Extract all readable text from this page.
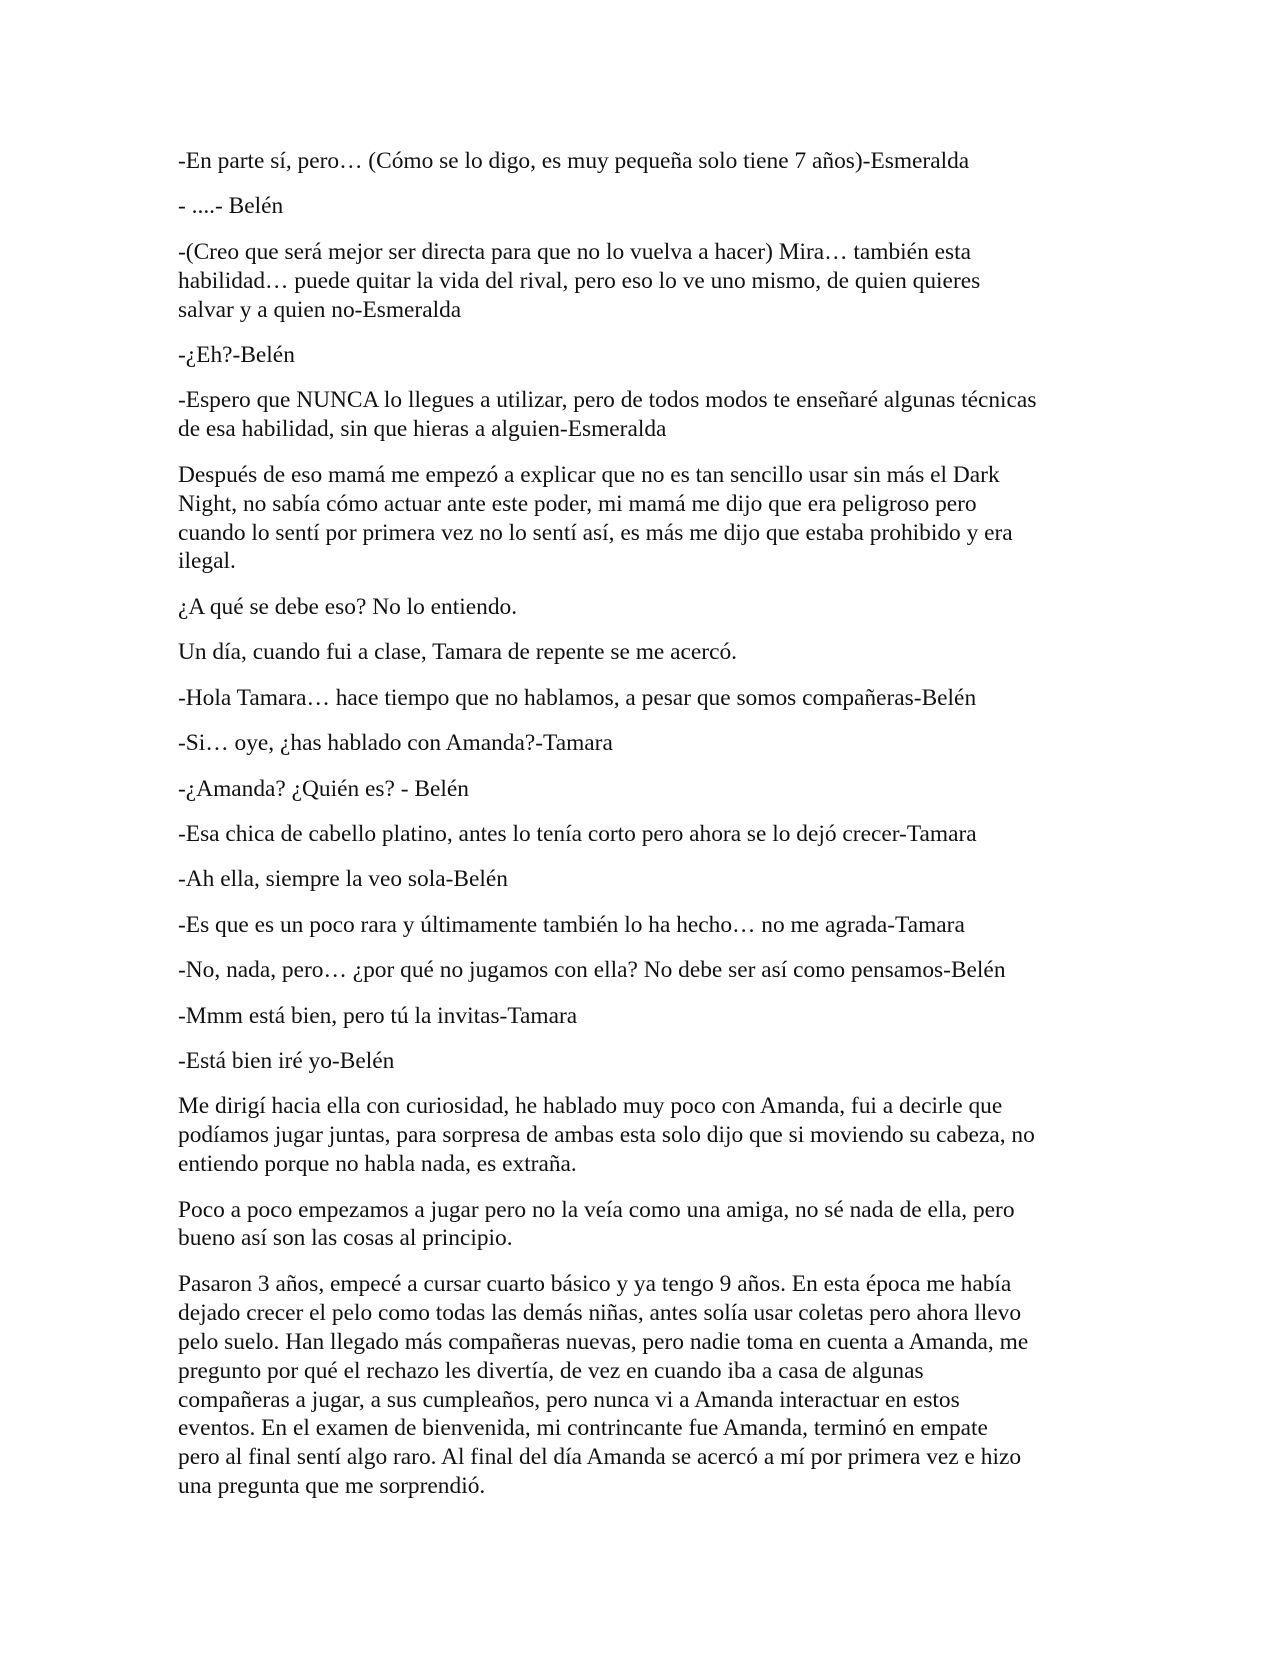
-En parte sí, pero… (Cómo se lo digo, es muy pequeña solo tiene 7 años)-Esmeralda

- ....- Belén

-(Creo que será mejor ser directa para que no lo vuelva a hacer) Mira… también esta
habilidad… puede quitar la vida del rival, pero eso lo ve uno mismo, de quien quieres
salvar y a quien no-Esmeralda

-¿Eh?-Belén

-Espero que NUNCA lo llegues a utilizar, pero de todos modos te enseñaré algunas técnicas
de esa habilidad, sin que hieras a alguien-Esmeralda

Después de eso mamá me empezó a explicar que no es tan sencillo usar sin más el Dark
Night, no sabía cómo actuar ante este poder, mi mamá me dijo que era peligroso pero
cuando lo sentí por primera vez no lo sentí así, es más me dijo que estaba prohibido y era
ilegal.

¿A qué se debe eso? No lo entiendo.

Un día, cuando fui a clase, Tamara de repente se me acercó.

-Hola Tamara… hace tiempo que no hablamos, a pesar que somos compañeras-Belén

-Si… oye, ¿has hablado con Amanda?-Tamara

-¿Amanda? ¿Quién es? - Belén

-Esa chica de cabello platino, antes lo tenía corto pero ahora se lo dejó crecer-Tamara

-Ah ella, siempre la veo sola-Belén

-Es que es un poco rara y últimamente también lo ha hecho… no me agrada-Tamara

-No, nada, pero… ¿por qué no jugamos con ella? No debe ser así como pensamos-Belén

-Mmm está bien, pero tú la invitas-Tamara

-Está bien iré yo-Belén

Me dirigí hacia ella con curiosidad, he hablado muy poco con Amanda, fui a decirle que
podíamos jugar juntas, para sorpresa de ambas esta solo dijo que si moviendo su cabeza, no
entiendo porque no habla nada, es extraña.

Poco a poco empezamos a jugar pero no la veía como una amiga, no sé nada de ella, pero
bueno así son las cosas al principio.

Pasaron 3 años, empecé a cursar cuarto básico y ya tengo 9 años. En esta época me había
dejado crecer el pelo como todas las demás niñas, antes solía usar coletas pero ahora llevo
pelo suelo. Han llegado más compañeras nuevas, pero nadie toma en cuenta a Amanda, me
pregunto por qué el rechazo les divertía, de vez en cuando iba a casa de algunas
compañeras a jugar, a sus cumpleaños, pero nunca vi a Amanda interactuar en estos
eventos. En el examen de bienvenida, mi contrincante fue Amanda, terminó en empate
pero al final sentí algo raro. Al final del día Amanda se acercó a mí por primera vez e hizo
una pregunta que me sorprendió.
